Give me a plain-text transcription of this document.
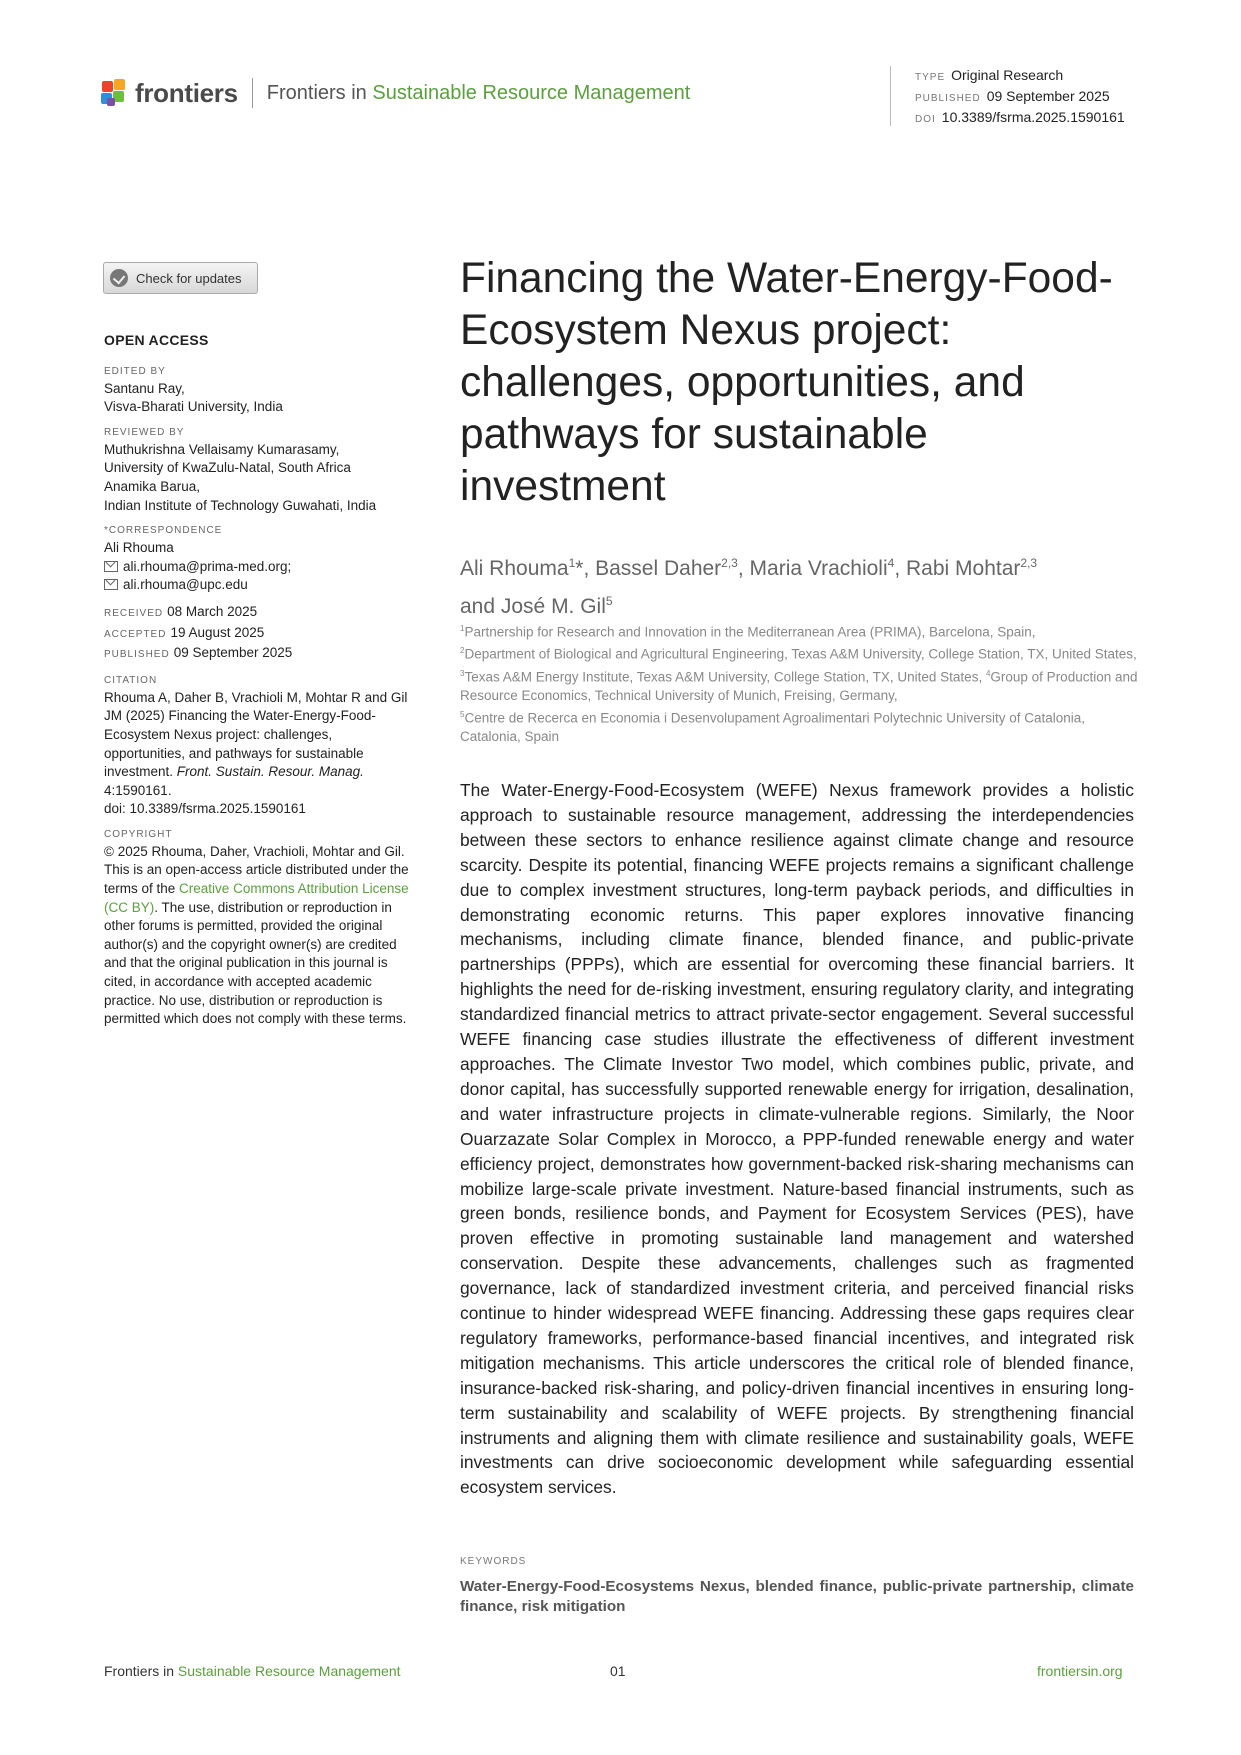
frontiers Frontiers in Sustainable Resource Management
TYPE Original Research
PUBLISHED 09 September 2025
DOI 10.3389/fsrma.2025.1590161
Check for updates
OPEN ACCESS
EDITED BY
Santanu Ray,
Visva-Bharati University, India
REVIEWED BY
Muthukrishna Vellaisamy Kumarasamy,
University of KwaZulu-Natal, South Africa
Anamika Barua,
Indian Institute of Technology Guwahati, India
*CORRESPONDENCE
Ali Rhouma
ali.rhouma@prima-med.org;
ali.rhouma@upc.edu
RECEIVED 08 March 2025
ACCEPTED 19 August 2025
PUBLISHED 09 September 2025
CITATION
Rhouma A, Daher B, Vrachioli M, Mohtar R and Gil JM (2025) Financing the Water-Energy-Food-Ecosystem Nexus project: challenges, opportunities, and pathways for sustainable investment. Front. Sustain. Resour. Manag. 4:1590161.
doi: 10.3389/fsrma.2025.1590161
COPYRIGHT
© 2025 Rhouma, Daher, Vrachioli, Mohtar and Gil. This is an open-access article distributed under the terms of the Creative Commons Attribution License (CC BY). The use, distribution or reproduction in other forums is permitted, provided the original author(s) and the copyright owner(s) are credited and that the original publication in this journal is cited, in accordance with accepted academic practice. No use, distribution or reproduction is permitted which does not comply with these terms.
Financing the Water-Energy-Food-Ecosystem Nexus project: challenges, opportunities, and pathways for sustainable investment
Ali Rhouma$^1$*, Bassel Daher$^{2,3}$, Maria Vrachioli$^4$, Rabi Mohtar$^{2,3}$
and José M. Gil$^5$
$^1$Partnership for Research and Innovation in the Mediterranean Area (PRIMA), Barcelona, Spain,
$^2$Department of Biological and Agricultural Engineering, Texas A&M University, College Station, TX, United States, $^3$Texas A&M Energy Institute, Texas A&M University, College Station, TX, United States, $^4$Group of Production and Resource Economics, Technical University of Munich, Freising, Germany,
$^5$Centre de Recerca en Economia i Desenvolupament Agroalimentari Polytechnic University of Catalonia, Catalonia, Spain
The Water-Energy-Food-Ecosystem (WEFE) Nexus framework provides a holistic approach to sustainable resource management, addressing the interdependencies between these sectors to enhance resilience against climate change and resource scarcity. Despite its potential, financing WEFE projects remains a significant challenge due to complex investment structures, long-term payback periods, and difficulties in demonstrating economic returns. This paper explores innovative financing mechanisms, including climate finance, blended finance, and public-private partnerships (PPPs), which are essential for overcoming these financial barriers. It highlights the need for de-risking investment, ensuring regulatory clarity, and integrating standardized financial metrics to attract private-sector engagement. Several successful WEFE financing case studies illustrate the effectiveness of different investment approaches. The Climate Investor Two model, which combines public, private, and donor capital, has successfully supported renewable energy for irrigation, desalination, and water infrastructure projects in climate-vulnerable regions. Similarly, the Noor Ouarzazate Solar Complex in Morocco, a PPP-funded renewable energy and water efficiency project, demonstrates how government-backed risk-sharing mechanisms can mobilize large-scale private investment. Nature-based financial instruments, such as green bonds, resilience bonds, and Payment for Ecosystem Services (PES), have proven effective in promoting sustainable land management and watershed conservation. Despite these advancements, challenges such as fragmented governance, lack of standardized investment criteria, and perceived financial risks continue to hinder widespread WEFE financing. Addressing these gaps requires clear regulatory frameworks, performance-based financial incentives, and integrated risk mitigation mechanisms. This article underscores the critical role of blended finance, insurance-backed risk-sharing, and policy-driven financial incentives in ensuring long-term sustainability and scalability of WEFE projects. By strengthening financial instruments and aligning them with climate resilience and sustainability goals, WEFE investments can drive socioeconomic development while safeguarding essential ecosystem services.
KEYWORDS
Water-Energy-Food-Ecosystems Nexus, blended finance, public-private partnership, climate finance, risk mitigation
Frontiers in Sustainable Resource Management	01	frontiersin.org
